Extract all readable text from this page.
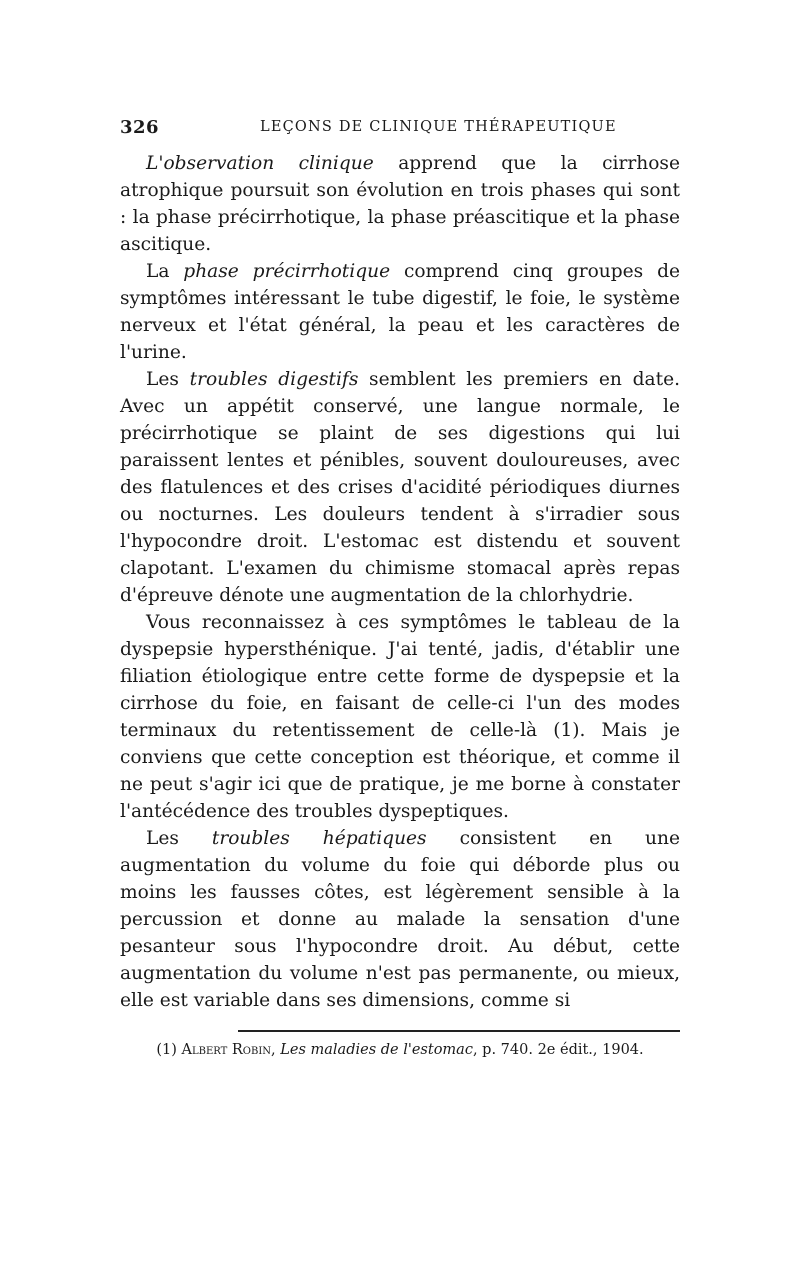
326	LEÇONS DE CLINIQUE THÉRAPEUTIQUE

L'observation clinique apprend que la cirrhose atrophique poursuit son évolution en trois phases qui sont : la phase précirrhotique, la phase préascitique et la phase ascitique.

La phase précirrhotique comprend cinq groupes de symptômes intéressant le tube digestif, le foie, le système nerveux et l'état général, la peau et les caractères de l'urine.

Les troubles digestifs semblent les premiers en date. Avec un appétit conservé, une langue normale, le précirrhotique se plaint de ses digestions qui lui paraissent lentes et pénibles, souvent douloureuses, avec des flatulences et des crises d'acidité périodiques diurnes ou nocturnes. Les douleurs tendent à s'irradier sous l'hypocondre droit. L'estomac est distendu et souvent clapotant. L'examen du chimisme stomacal après repas d'épreuve dénote une augmentation de la chlorhydrie.

Vous reconnaissez à ces symptômes le tableau de la dyspepsie hypersthénique. J'ai tenté, jadis, d'établir une filiation étiologique entre cette forme de dyspepsie et la cirrhose du foie, en faisant de celle-ci l'un des modes terminaux du retentissement de celle-là (1). Mais je conviens que cette conception est théorique, et comme il ne peut s'agir ici que de pratique, je me borne à constater l'antécédence des troubles dyspeptiques.

Les troubles hépatiques consistent en une augmentation du volume du foie qui déborde plus ou moins les fausses côtes, est légèrement sensible à la percussion et donne au malade la sensation d'une pesanteur sous l'hypocondre droit. Au début, cette augmentation du volume n'est pas permanente, ou mieux, elle est variable dans ses dimensions, comme si

(1) Albert Robin, Les maladies de l'estomac, p. 740. 2e édit., 1904.
